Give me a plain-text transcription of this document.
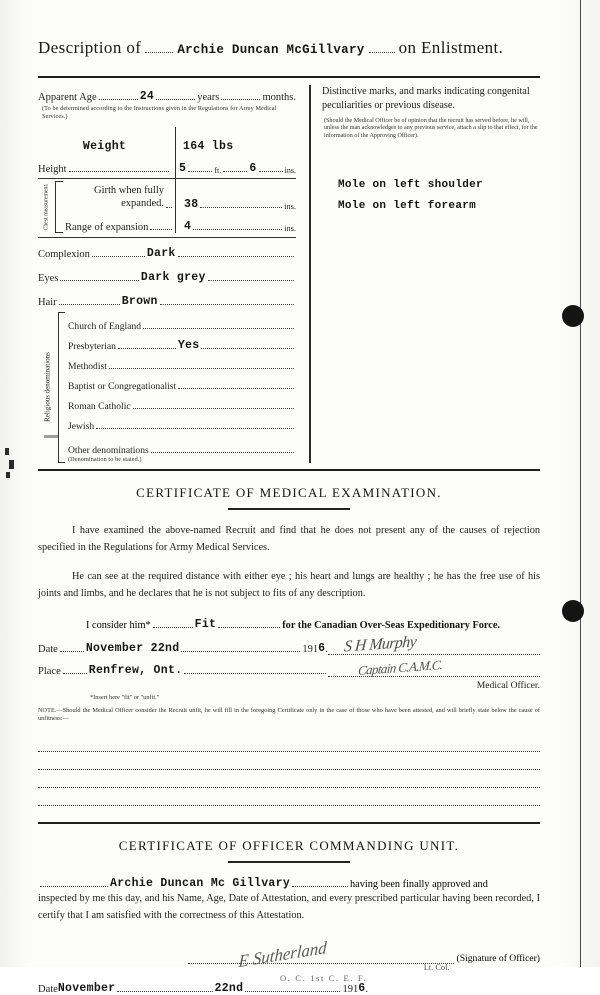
Description of	Archie Duncan McGillvary on Enlistment.
Apparent Age	24	years	months.
(To be determined according to the Instructions given in the Regulations for Army Medical Services.)
Weight	164 lbs
Height	5	ft. 6	ins.
Chest measurement.	Girth when fully expanded. 38	ins.
Range of expansion	4	ins.
Complexion	Dark
Eyes	Dark grey
Hair	Brown
Religious denominations
Church of England
Presbyterian	Yes
Methodist
Baptist or Congregationalist
Roman Catholic
Jewish
Other denominations
(Denomination to be stated.)
Distinctive marks, and marks indicating congenital peculiarities or previous disease.
(Should the Medical Officer be of opinion that the recruit has served before, he will, unless the man acknowledges to any previous service, attach a slip to that effect, for the information of the Approving Officer).
Mole on left shoulder
Mole on left forearm
CERTIFICATE OF MEDICAL EXAMINATION.
I have examined the above-named Recruit and find that he does not present any of the causes of rejection specified in the Regulations for Army Medical Services.
He can see at the required distance with either eye ; his heart and lungs are healthy ; he has the free use of his joints and limbs, and he declares that he is not subject to fits of any description.
I consider him*	Fit	for the Canadian Over-Seas Expeditionary Force.
Date November 22nd	191 6 . S H Murphy
Place Renfrew, Ont.	Captain C.A.M.C.
Medical Officer.
*Insert here "fit" or "unfit."
NOTE.—Should the Medical Officer consider the Recruit unfit, he will fill in the foregoing Certificate only in the case of those who have been attested, and will briefly state below the cause of unfitness:—
CERTIFICATE OF OFFICER COMMANDING UNIT.
Archie Duncan Mc Gillvary	having been finally approved and
inspected by me this day, and his Name, Age, Date of Attestation, and every prescribed particular having been recorded, I certify that I am satisfied with the correctness of this Attestation.
E Sutherland	Lt. Col.
O. C. 1st C. E. F.
(Signature of Officer)
Date November	22nd	191 6 .
